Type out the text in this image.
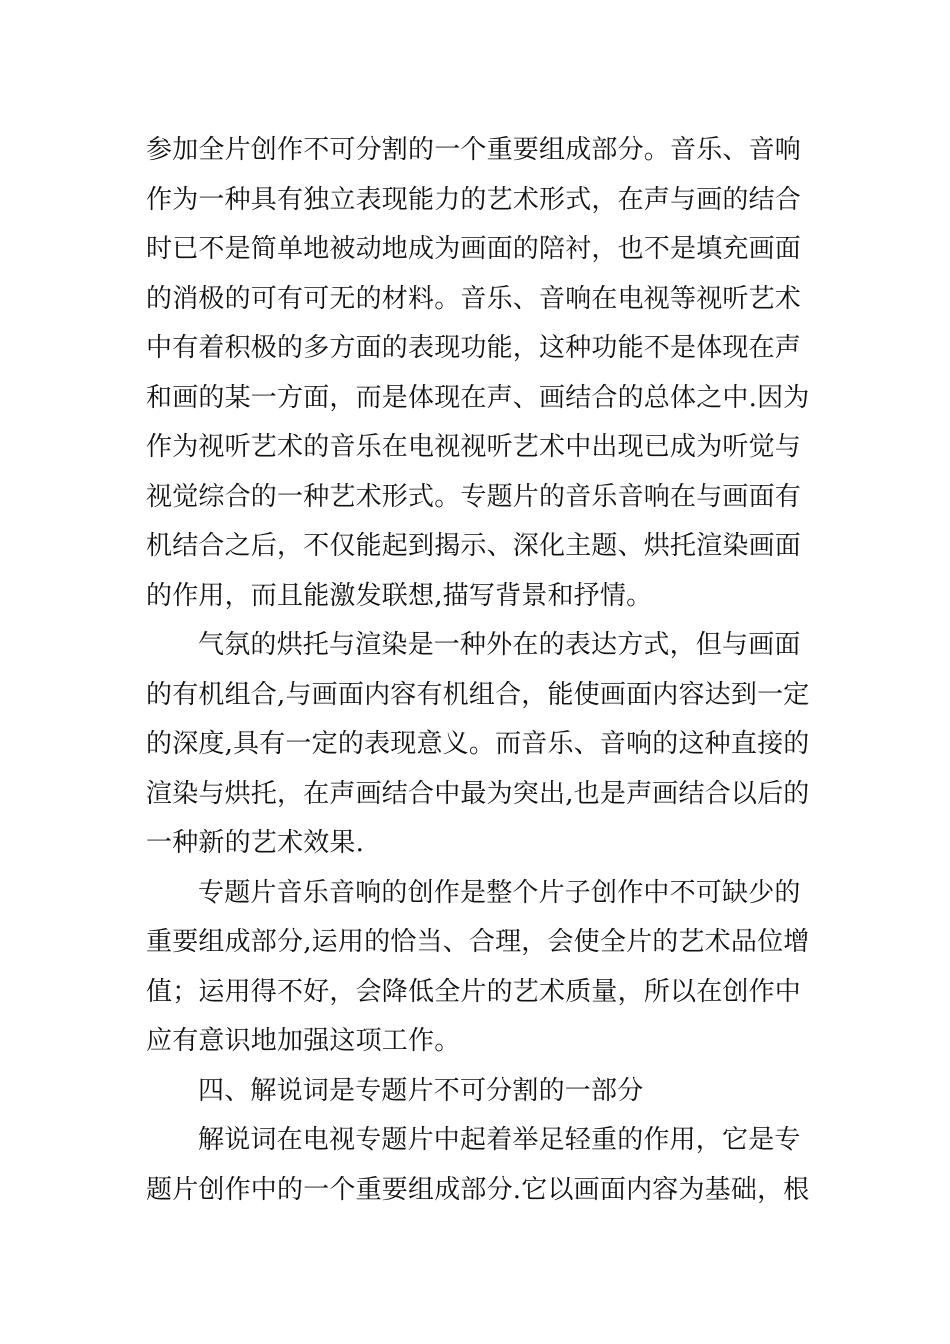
参加全片创作不可分割的一个重要组成部分。音乐、音响
作为一种具有独立表现能力的艺术形式，在声与画的结合
时已不是简单地被动地成为画面的陪衬，也不是填充画面
的消极的可有可无的材料。音乐、音响在电视等视听艺术
中有着积极的多方面的表现功能，这种功能不是体现在声
和画的某一方面，而是体现在声、画结合的总体之中.因为
作为视听艺术的音乐在电视视听艺术中出现已成为听觉与
视觉综合的一种艺术形式。专题片的音乐音响在与画面有
机结合之后，不仅能起到揭示、深化主题、烘托渲染画面
的作用，而且能激发联想,描写背景和抒情。
气氛的烘托与渲染是一种外在的表达方式，但与画面
的有机组合,与画面内容有机组合，能使画面内容达到一定
的深度,具有一定的表现意义。而音乐、音响的这种直接的
渲染与烘托，在声画结合中最为突出,也是声画结合以后的
一种新的艺术效果.
专题片音乐音响的创作是整个片子创作中不可缺少的
重要组成部分,运用的恰当、合理，会使全片的艺术品位增
值；运用得不好，会降低全片的艺术质量，所以在创作中
应有意识地加强这项工作。
四、解说词是专题片不可分割的一部分
解说词在电视专题片中起着举足轻重的作用，它是专
题片创作中的一个重要组成部分.它以画面内容为基础，根
